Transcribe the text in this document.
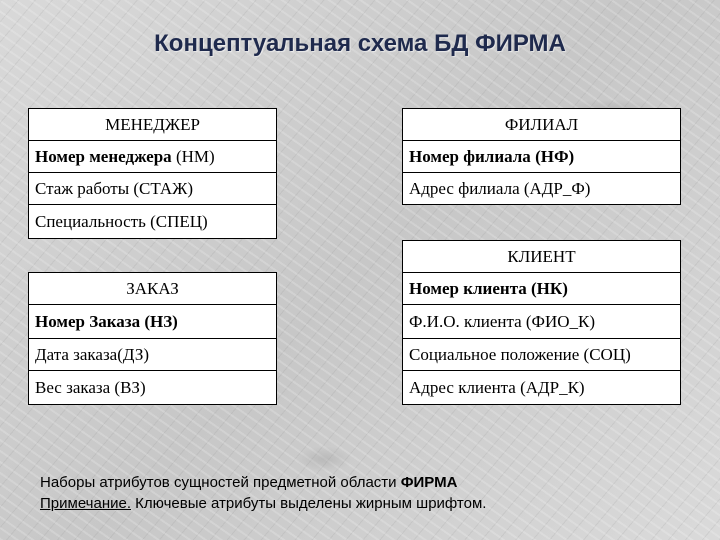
Концептуальная схема БД ФИРМА
МЕНЕДЖЕР
Номер менеджера
(НМ)
Стаж работы (СТАЖ)
Специальность (СПЕЦ)
ФИЛИАЛ
Номер филиала
(НФ)
Адрес филиала (АДР_Ф)
ЗАКАЗ
Номер Заказа
(НЗ)
Дата заказа(ДЗ)
Вес заказа (ВЗ)
КЛИЕНТ
Номер клиента
(НК)
Ф.И.О. клиента (ФИО_К)
Социальное положение (СОЦ)
Адрес клиента (АДР_К)
Наборы атрибутов сущностей предметной области ФИРМА
Примечание. Ключевые атрибуты выделены жирным шрифтом.
